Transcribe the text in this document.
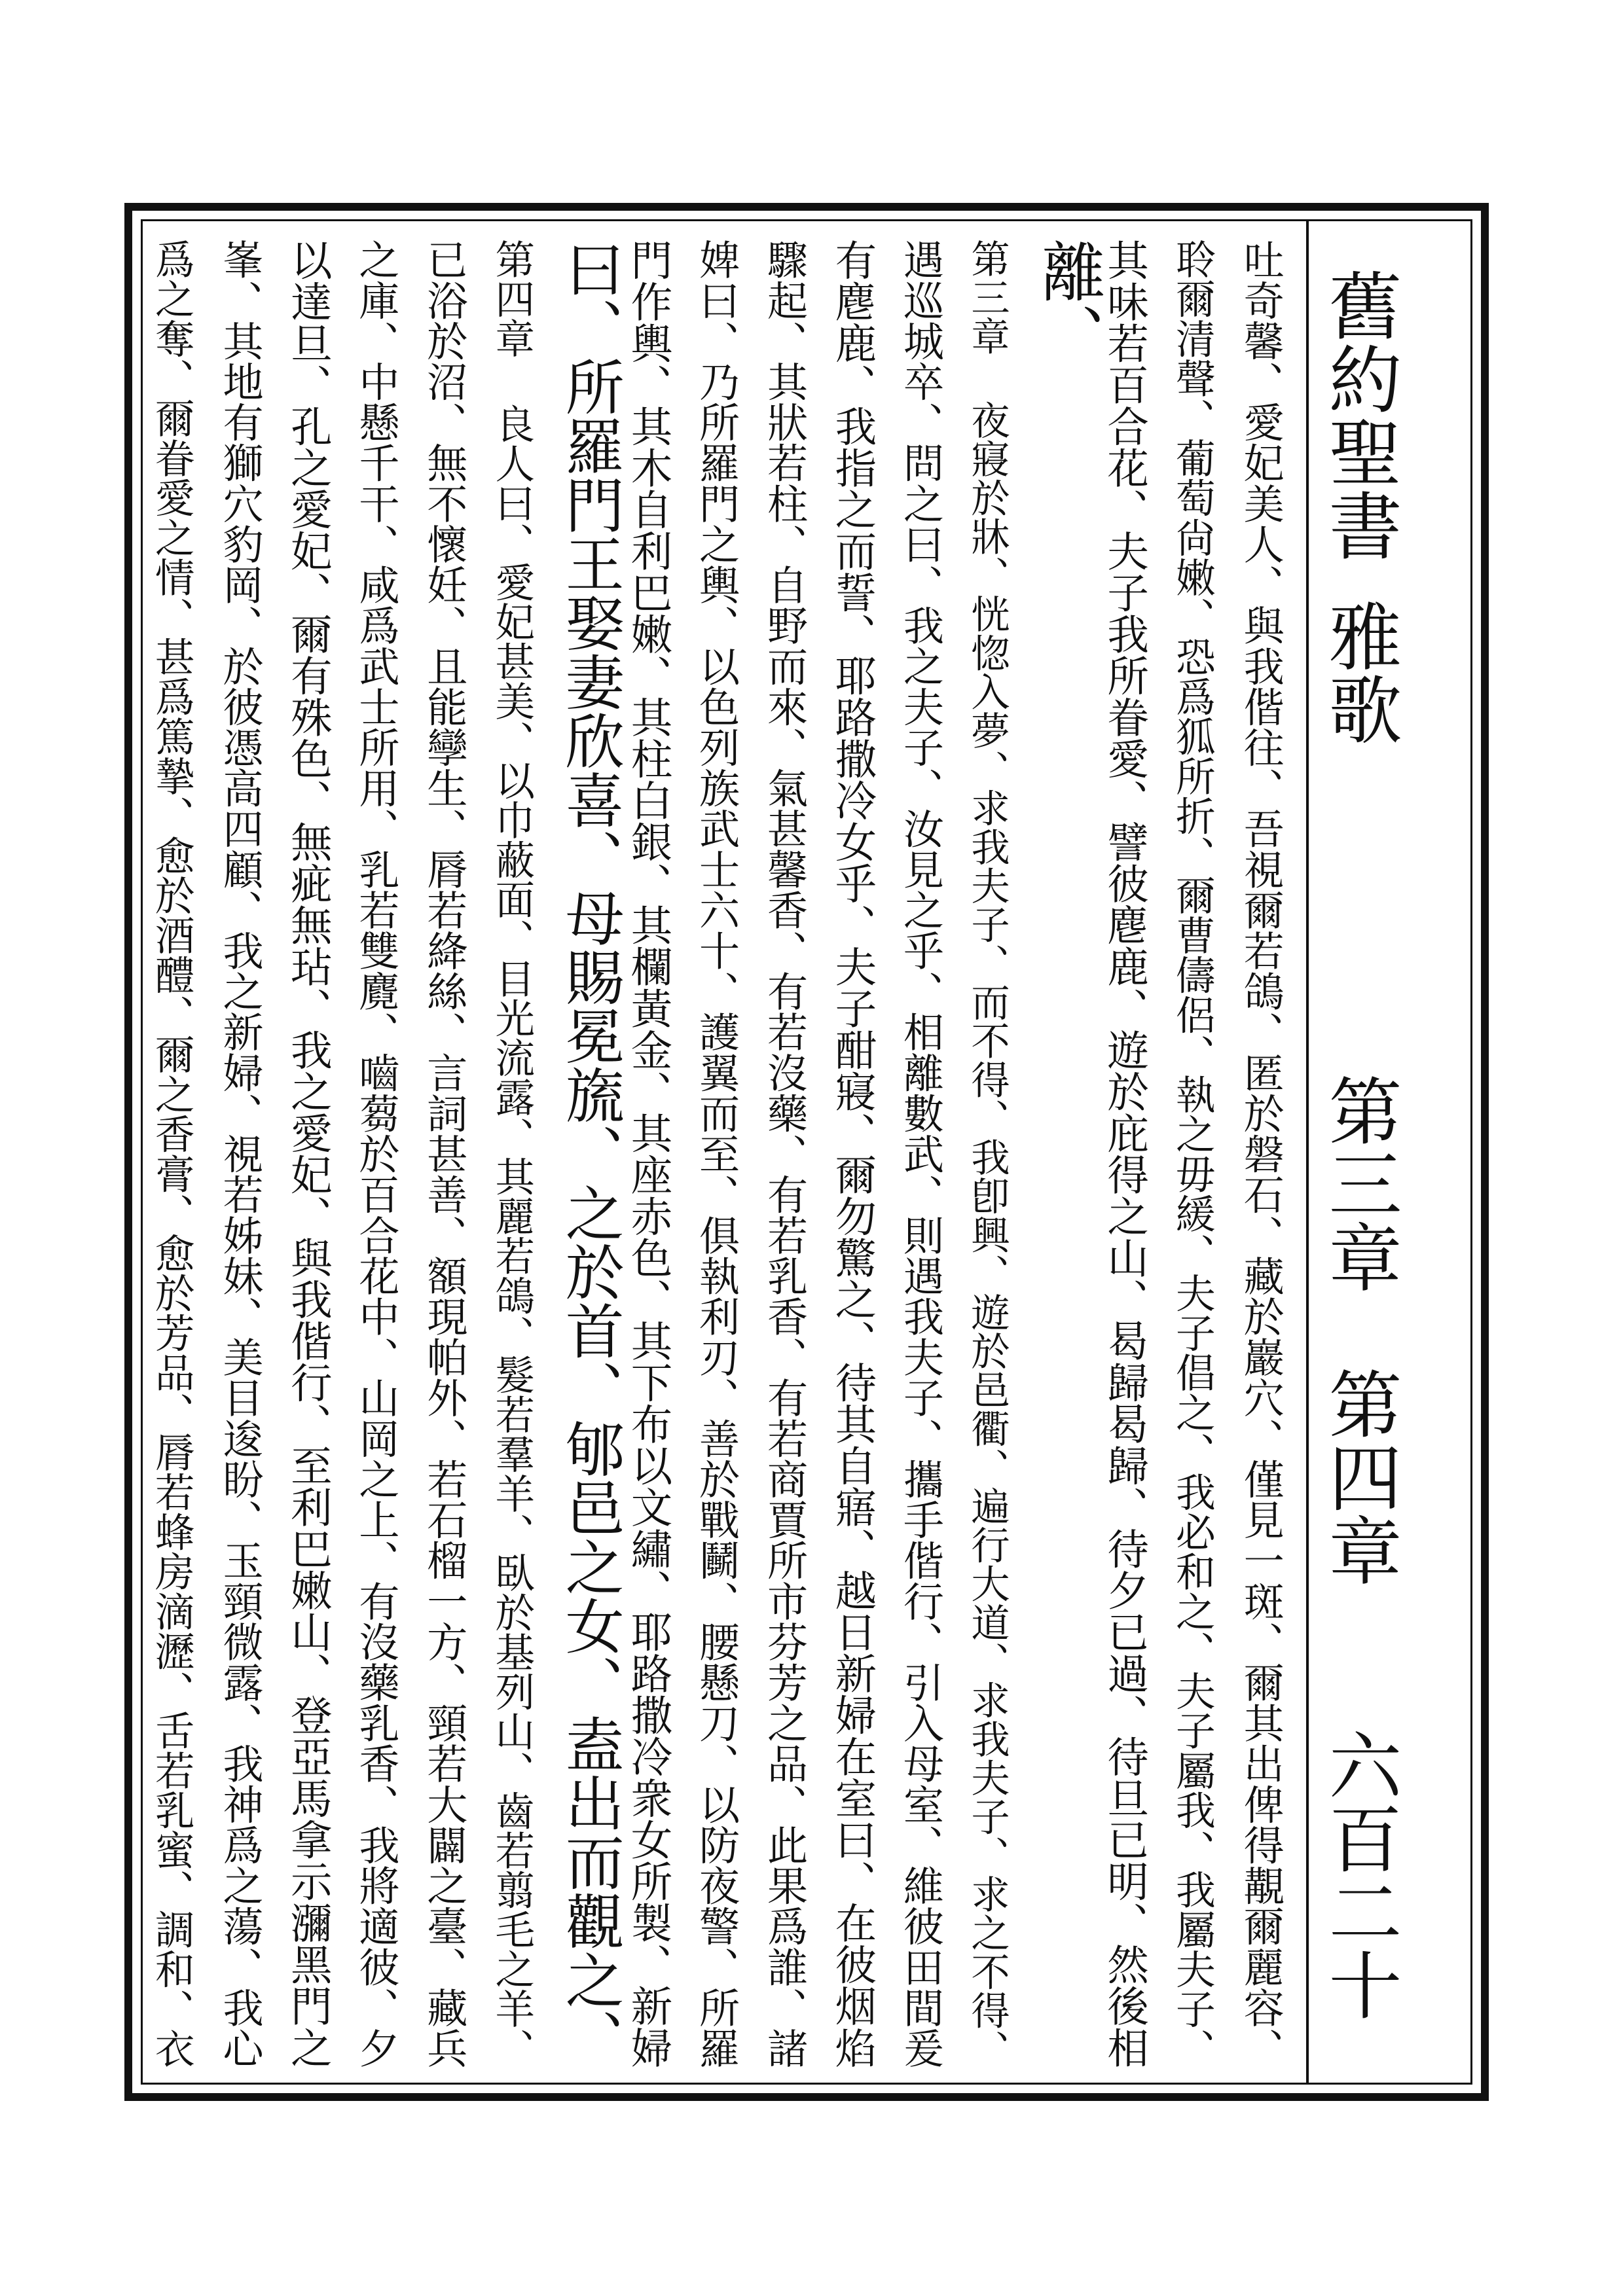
舊約聖書

雅歌

第三章　第四章

六百二十

吐奇馨、愛妃美人、與我偕往、吾視爾若鴿、匿於磐石、藏於巖穴、僅見一斑、爾其出俾得覯爾麗容、

聆爾清聲、葡萄尙嫩、恐爲狐所折、爾曹儔侶、執之毋緩、夫子倡之、我必和之、夫子屬我、我屬夫子、

其味若百合花、夫子我所眷愛、譬彼麀鹿、遊於庇得之山、曷歸曷歸、待夕已過、待旦已明、然後相

離、

第三章 夜寢於牀、恍惚入夢、求我夫子、而不得、我卽興、遊於邑衢、遍行大道、求我夫子、求之不得、

遇巡城卒、問之曰、我之夫子、汝見之乎、相離數武、則遇我夫子、攜手偕行、引入母室、維彼田間爰

有麀鹿、我指之而誓、耶路撒冷女乎、夫子酣寢、爾勿驚之、待其自寤、越日新婦在室曰、在彼烟焰

驟起、其狀若柱、自野而來、氣甚馨香、有若沒藥、有若乳香、有若商賈所市芬芳之品、此果爲誰、諸

婢曰、乃所羅門之輿、以色列族武士六十、護翼而至、俱執利刃、善於戰鬭、腰懸刀、以防夜警、所羅

門作輿、其木自利巴嫩、其柱白銀、其欄黃金、其座赤色、其下布以文繡、耶路撒冷衆女所製、新婦

曰、所羅門王娶妻欣喜、母賜冕旒、之於首、郇邑之女、盍出而觀之、

第四章 良人曰、愛妃甚美、以巾蔽面、目光流露、其麗若鴿、髮若羣羊、臥於基列山、齒若翦毛之羊、

已浴於沼、無不懷妊、且能孿生、脣若絳絲、言詞甚善、額現帕外、若石榴一方、頸若大闢之臺、藏兵

之庫、中懸千干、咸爲武士所用、乳若雙麑、嚙蒭於百合花中、山岡之上、有沒藥乳香、我將適彼、夕

以達旦、孔之愛妃、爾有殊色、無疵無玷、我之愛妃、與我偕行、至利巴嫩山、登亞馬拿示瀰黑門之

峯、其地有獅穴豹岡、於彼憑高四顧、我之新婦、視若姊妹、美目逡盼、玉頸微露、我神爲之蕩、我心

爲之奪、爾眷愛之情、甚爲篤摯、愈於酒醴、爾之香膏、愈於芳品、脣若蜂房滴瀝、舌若乳蜜、調和、衣
